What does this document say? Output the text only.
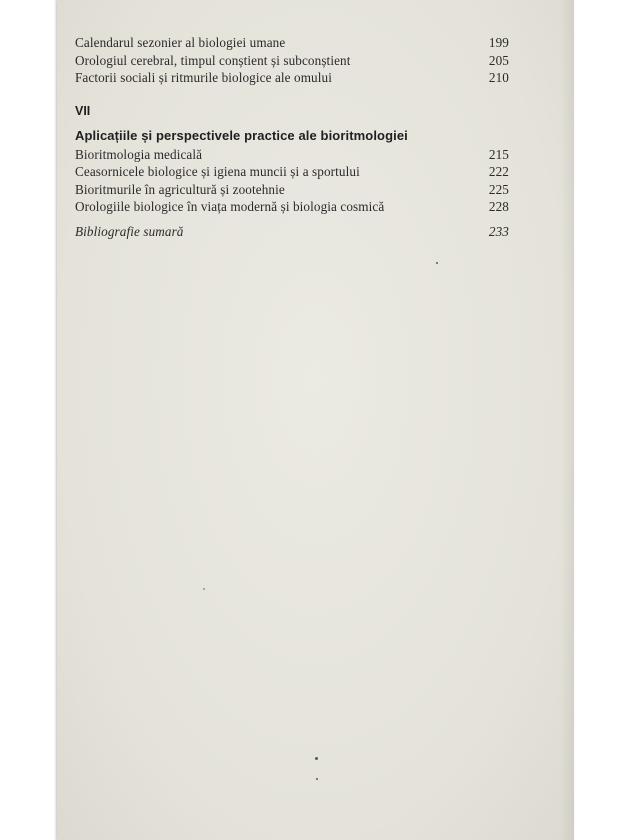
Calendarul sezonier al biologiei umane	199
Orologiul cerebral, timpul conștient și subconștient	205
Factorii sociali și ritmurile biologice ale omului	210
VII
Aplicațiile și perspectivele practice ale bioritmologiei
Bioritmologia medicală	215
Ceasornicele biologice și igiena muncii și a sportului	222
Bioritmurile în agricultură și zootehnie	225
Orologiile biologice în viața modernă și biologia cosmică	228
Bibliografie sumară	233
